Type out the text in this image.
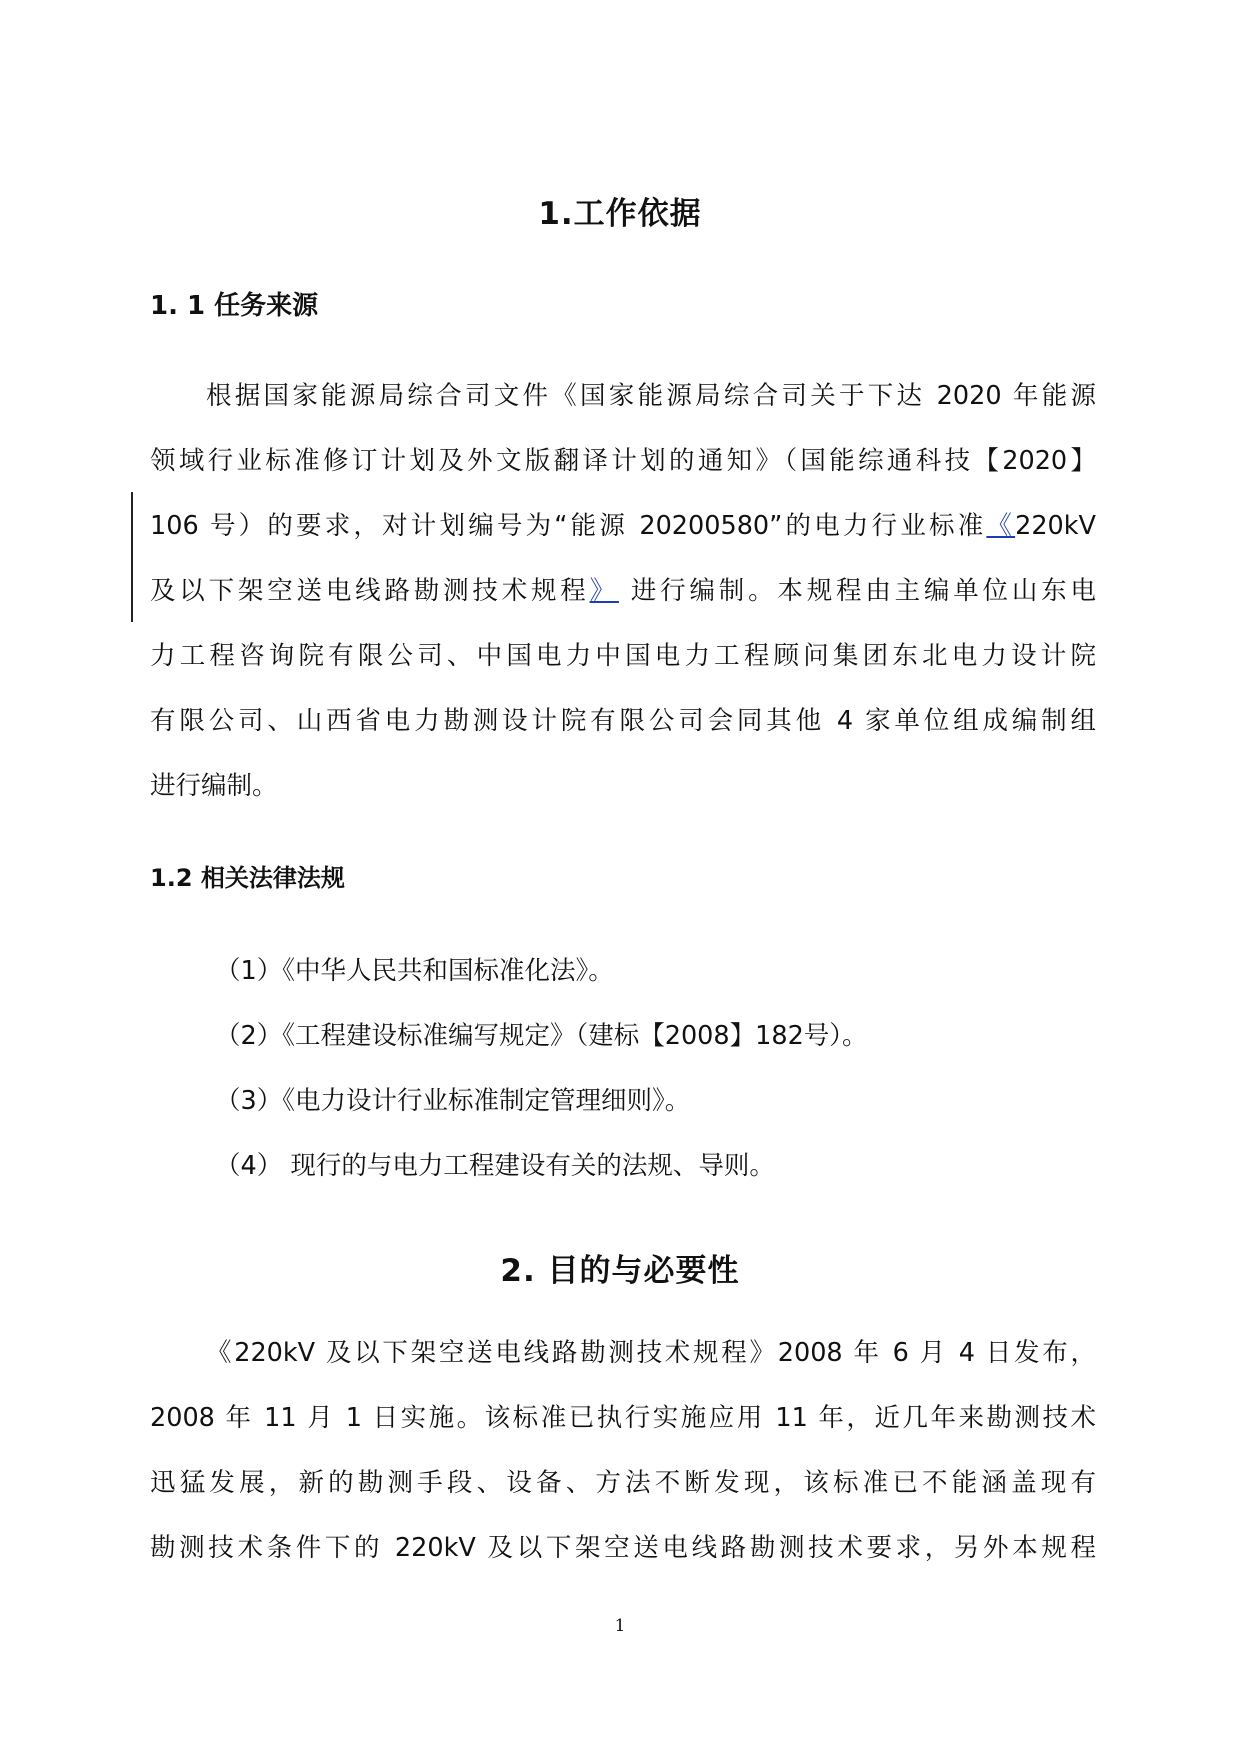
1.工作依据
1. 1 任务来源
根据国家能源局综合司文件《国家能源局综合司关于下达 2020 年能源
领域行业标准修订计划及外文版翻译计划的通知》（国能综通科技【2020】
106 号）的要求，对计划编号为“能源 20200580”的电力行业标准《220kV
及以下架空送电线路勘测技术规程》 进行编制。本规程由主编单位山东电
力工程咨询院有限公司、中国电力中国电力工程顾问集团东北电力设计院
有限公司、山西省电力勘测设计院有限公司会同其他 4 家单位组成编制组
进行编制。
1.2 相关法律法规
（1）《中华人民共和国标准化法》。
（2）《工程建设标准编写规定》（建标【2008】182号）。
（3）《电力设计行业标准制定管理细则》。
（4） 现行的与电力工程建设有关的法规、导则。
2. 目的与必要性
《220kV 及以下架空送电线路勘测技术规程》2008 年 6 月 4 日发布，
2008 年 11 月 1 日实施。该标准已执行实施应用 11 年，近几年来勘测技术
迅猛发展，新的勘测手段、设备、方法不断发现，该标准已不能涵盖现有
勘测技术条件下的 220kV 及以下架空送电线路勘测技术要求，另外本规程
1
